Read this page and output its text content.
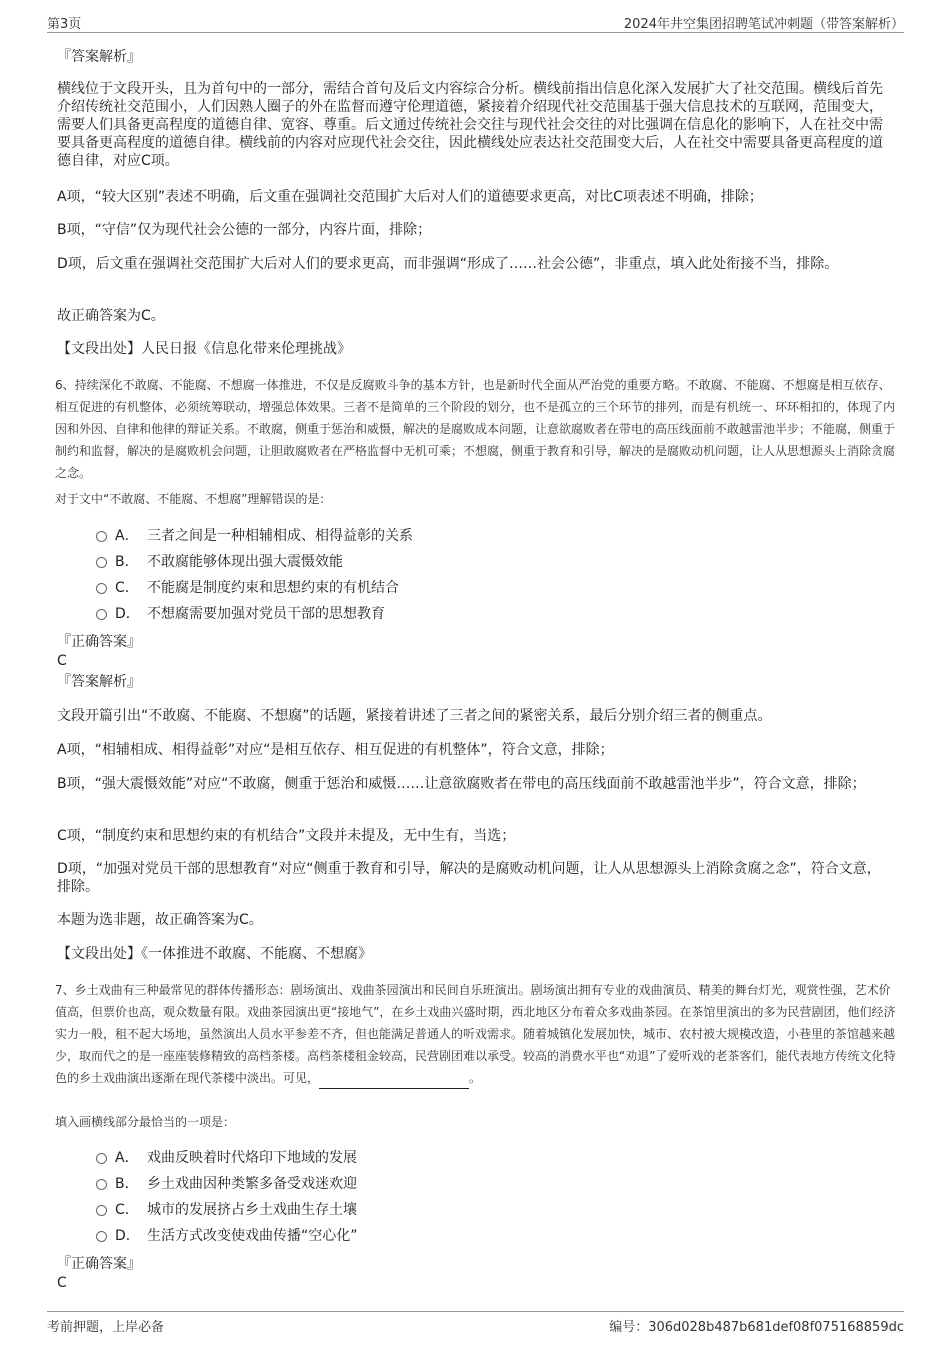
第3页	2024年井空集团招聘笔试冲刺题（带答案解析）
『答案解析』

横线位于文段开头，且为首句中的一部分，需结合首句及后文内容综合分析。横线前指出信息化深入发展扩大了社交范围。横线后首先介绍传统社交范围小，人们因熟人圈子的外在监督而遵守伦理道德，紧接着介绍现代社交范围基于强大信息技术的互联网，范围变大，需要人们具备更高程度的道德自律、宽容、尊重。后文通过传统社会交往与现代社会交往的对比强调在信息化的影响下，人在社交中需要具备更高程度的道德自律。横线前的内容对应现代社会交往，因此横线处应表达社交范围变大后，人在社交中需要具备更高程度的道德自律，对应C项。

A项，“较大区别”表述不明确，后文重在强调社交范围扩大后对人们的道德要求更高，对比C项表述不明确，排除；

B项，“守信”仅为现代社会公德的一部分，内容片面，排除；

D项，后文重在强调社交范围扩大后对人们的要求更高，而非强调“形成了……社会公德”，非重点，填入此处衔接不当，排除。

故正确答案为C。

【文段出处】人民日报《信息化带来伦理挑战》

6、持续深化不敢腐、不能腐、不想腐一体推进，不仅是反腐败斗争的基本方针，也是新时代全面从严治党的重要方略。不敢腐、不能腐、不想腐是相互依存、相互促进的有机整体，必须统筹联动，增强总体效果。三者不是简单的三个阶段的划分，也不是孤立的三个环节的排列，而是有机统一、环环相扣的，体现了内因和外因、自律和他律的辩证关系。不敢腐，侧重于惩治和威慑，解决的是腐败成本问题，让意欲腐败者在带电的高压线面前不敢越雷池半步；不能腐，侧重于制约和监督，解决的是腐败机会问题，让胆敢腐败者在严格监督中无机可乘；不想腐，侧重于教育和引导，解决的是腐败动机问题，让人从思想源头上消除贪腐之念。

对于文中“不敢腐、不能腐、不想腐”理解错误的是：

A． 三者之间是一种相辅相成、相得益彰的关系
B． 不敢腐能够体现出强大震慑效能
C． 不能腐是制度约束和思想约束的有机结合
D． 不想腐需要加强对党员干部的思想教育
『正确答案』
C
『答案解析』

文段开篇引出“不敢腐、不能腐、不想腐”的话题，紧接着讲述了三者之间的紧密关系，最后分别介绍三者的侧重点。

A项，“相辅相成、相得益彰”对应“是相互依存、相互促进的有机整体”，符合文意，排除；

B项，“强大震慑效能”对应“不敢腐，侧重于惩治和威慑……让意欲腐败者在带电的高压线面前不敢越雷池半步”，符合文意，排除；

C项，“制度约束和思想约束的有机结合”文段并未提及，无中生有，当选；

D项，“加强对党员干部的思想教育”对应“侧重于教育和引导，解决的是腐败动机问题，让人从思想源头上消除贪腐之念”，符合文意，排除。

本题为选非题，故正确答案为C。

【文段出处】《一体推进不敢腐、不能腐、不想腐》

7、乡土戏曲有三种最常见的群体传播形态：剧场演出、戏曲茶园演出和民间自乐班演出。剧场演出拥有专业的戏曲演员、精美的舞台灯光，观赏性强，艺术价值高，但票价也高，观众数量有限。戏曲茶园演出更“接地气”，在乡土戏曲兴盛时期，西北地区分布着众多戏曲茶园。在茶馆里演出的多为民营剧团，他们经济实力一般，租不起大场地，虽然演出人员水平参差不齐，但也能满足普通人的听戏需求。随着城镇化发展加快，城市、农村被大规模改造，小巷里的茶馆越来越少，取而代之的是一座座装修精致的高档茶楼。高档茶楼租金较高，民营剧团难以承受。较高的消费水平也“劝退”了爱听戏的老茶客们，能代表地方传统文化特色的乡土戏曲演出逐渐在现代茶楼中淡出。可见，	。

填入画横线部分最恰当的一项是：

A． 戏曲反映着时代烙印下地域的发展
B． 乡土戏曲因种类繁多备受戏迷欢迎
C． 城市的发展挤占乡土戏曲生存土壤
D． 生活方式改变使戏曲传播“空心化”
『正确答案』
C
考前押题，上岸必备	编号：306d028b487b681def08f075168859dc
